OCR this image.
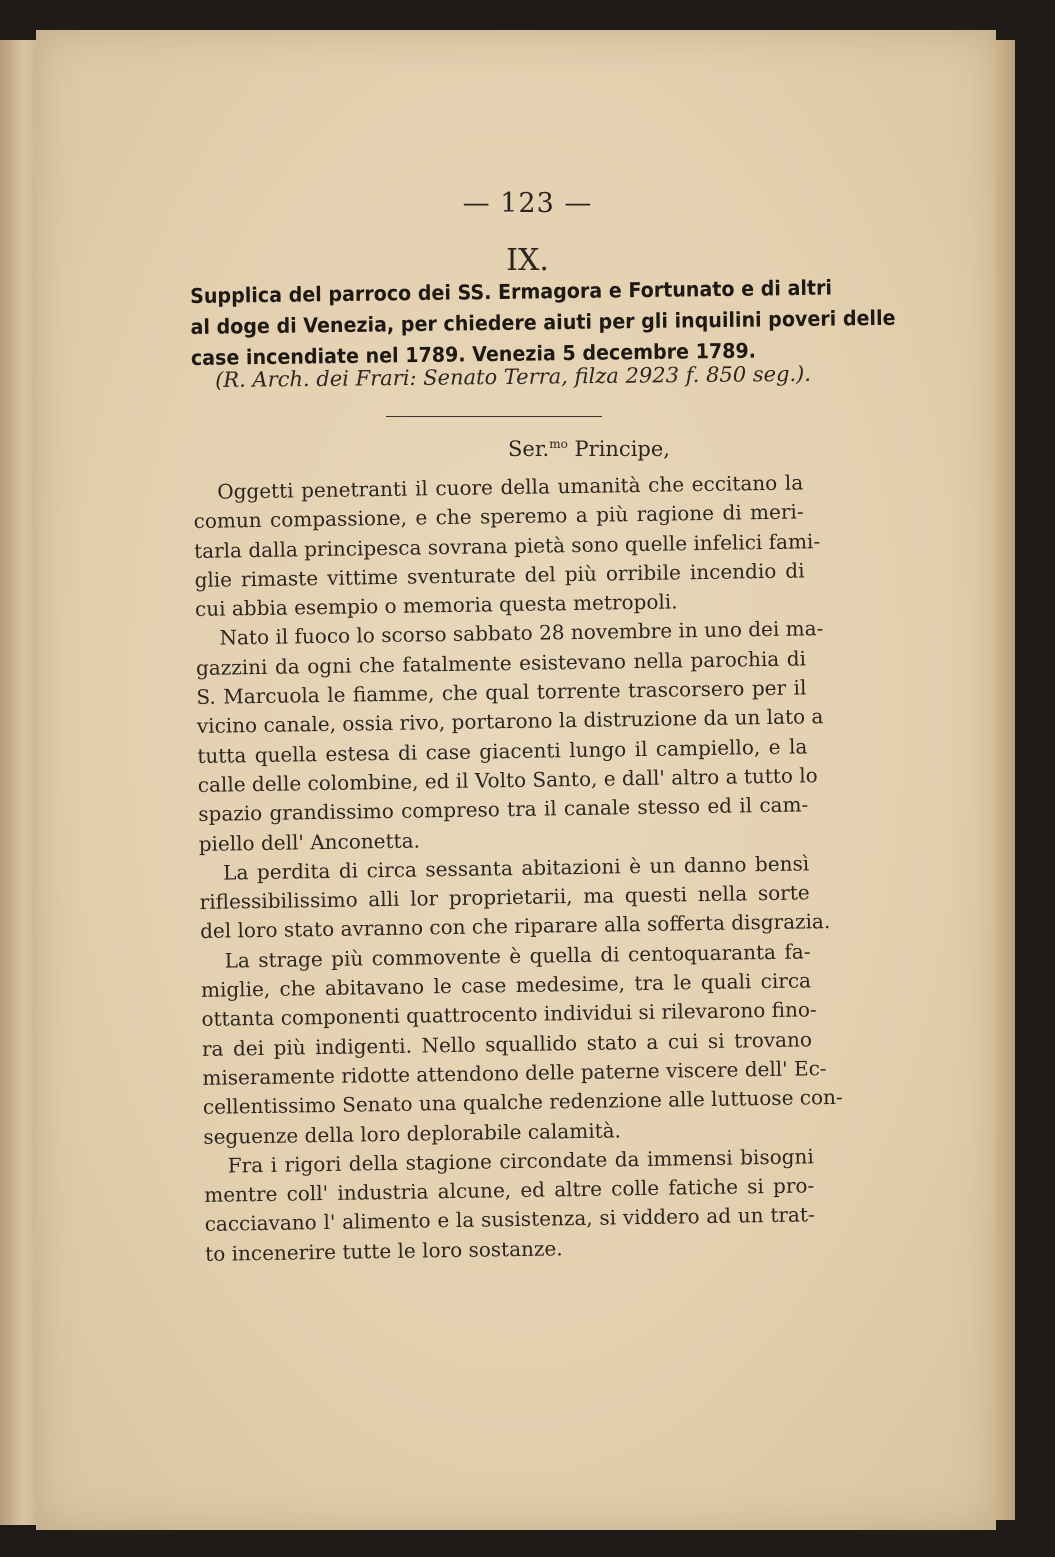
— 123 —
IX.
Supplica del parroco dei SS. Ermagora e Fortunato e di altri
al doge di Venezia, per chiedere aiuti per gli inquilini poveri delle
case incendiate nel 1789. Venezia 5 decembre 1789.
(R. Arch. dei Frari: Senato Terra, filza 2923 f. 850 seg.).
Ser.$^{mo}$ Principe,
Oggetti penetranti il cuore della umanità che eccitano la
comun compassione, e che speremo a più ragione di meri-
tarla dalla principesca sovrana pietà sono quelle infelici fami-
glie rimaste vittime sventurate del più orribile incendio di
cui abbia esempio o memoria questa metropoli.
Nato il fuoco lo scorso sabbato 28 novembre in uno dei ma-
gazzini da ogni che fatalmente esistevano nella parochia di
S. Marcuola le fiamme, che qual torrente trascorsero per il
vicino canale, ossia rivo, portarono la distruzione da un lato a
tutta quella estesa di case giacenti lungo il campiello, e la
calle delle colombine, ed il Volto Santo, e dall' altro a tutto lo
spazio grandissimo compreso tra il canale stesso ed il cam-
piello dell' Anconetta.
La perdita di circa sessanta abitazioni è un danno bensì
riflessibilissimo alli lor proprietarii, ma questi nella sorte
del loro stato avranno con che riparare alla sofferta disgrazia.
La strage più commovente è quella di centoquaranta fa-
miglie, che abitavano le case medesime, tra le quali circa
ottanta componenti quattrocento individui si rilevarono fino-
ra dei più indigenti. Nello squallido stato a cui si trovano
miseramente ridotte attendono delle paterne viscere dell' Ec-
cellentissimo Senato una qualche redenzione alle luttuose con-
seguenze della loro deplorabile calamità.
Fra i rigori della stagione circondate da immensi bisogni
mentre coll' industria alcune, ed altre colle fatiche si pro-
cacciavano l' alimento e la susistenza, si viddero ad un trat-
to incenerire tutte le loro sostanze.
